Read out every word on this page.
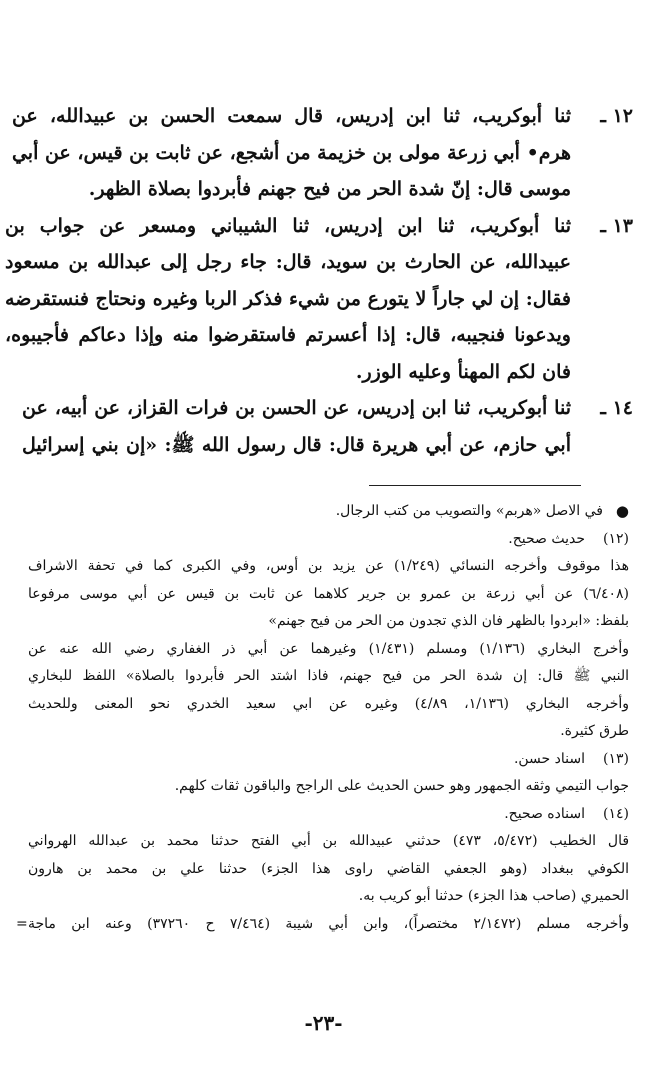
١٢ ـ
ثنا أبوكريب، ثنا ابن إدريس، قال سمعت الحسن بن عبيدالله، عن
هرم• أبي زرعة مولى بن خزيمة من أشجع، عن ثابت بن قيس، عن أبي
موسى قال: إنّ شدة الحر من فيح جهنم فأبردوا بصلاة الظهر.
١٣ ـ
ثنا أبوكريب، ثنا ابن إدريس، ثنا الشيباني ومسعر عن جواب بن
عبيدالله، عن الحارث بن سويد، قال: جاء رجل إلى عبدالله بن مسعود
فقال: إن لي جاراً لا يتورع من شيء فذكر الربا وغيره ونحتاج فنستقرضه
ويدعونا فنجيبه، قال: إذا أعسرتم فاستقرضوا منه وإذا دعاكم فأجيبوه،
فان لكم المهنأ وعليه الوزر.
١٤ ـ
ثنا أبوكريب، ثنا ابن إدريس، عن الحسن بن فرات القزاز، عن أبيه، عن
أبي حازم، عن أبي هريرة قال: قال رسول الله ﷺ: «إن بني إسرائيل
●
في الاصل «هربم» والتصويب من كتب الرجال.
(١٢)
حديث صحيح.
هذا موقوف وأخرجه النسائي (١/٢٤٩) عن يزيد بن أوس، وفي الكبرى كما في تحفة الاشراف
(٦/٤٠٨) عن أبي زرعة بن عمرو بن جرير كلاهما عن ثابت بن قيس عن أبي موسى مرفوعا
بلفظ: «ابردوا بالظهر فان الذي تجدون من الحر من فيح جهنم»
وأخرج البخاري (١/١٣٦) ومسلم (١/٤٣١) وغيرهما عن أبي ذر الغفاري رضي الله عنه عن
النبي ﷺ قال: إن شدة الحر من فيح جهنم، فاذا اشتد الحر فأبردوا بالصلاة» اللفظ للبخاري
وأخرجه البخاري (١/١٣٦، ٤/٨٩) وغيره عن ابي سعيد الخدري نحو المعنى وللحديث
طرق كثيرة.
(١٣)
اسناد حسن.
جواب التيمي وثقه الجمهور وهو حسن الحديث على الراجح والباقون ثقات كلهم.
(١٤)
اسناده صحيح.
قال الخطيب (٥/٤٧٢، ٤٧٣) حدثني عبيدالله بن أبي الفتح حدثنا محمد بن عبدالله الهرواني
الكوفي ببغداد (وهو الجعفي القاضي راوى هذا الجزء) حدثنا علي بن محمد بن هارون
الحميري (صاحب هذا الجزء) حدثنا أبو كريب به.
وأخرجه مسلم (٢/١٤٧٢ مختصراً)، وابن أبي شيبة (٧/٤٦٤ ح ٣٧٢٦٠) وعنه ابن ماجة
=
-٢٣-
